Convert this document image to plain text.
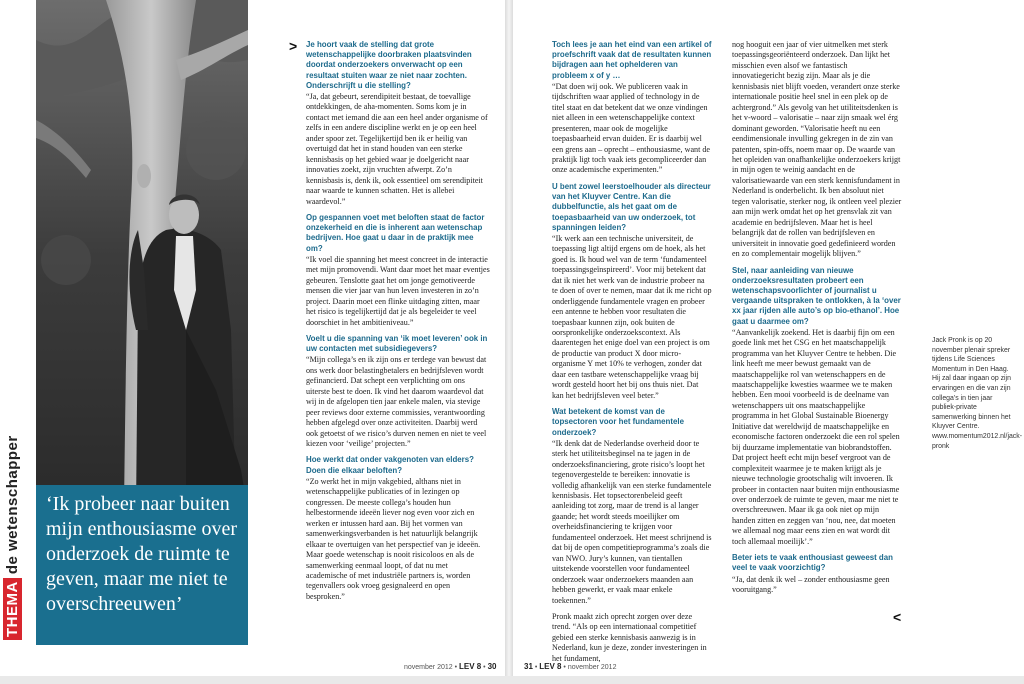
THEMAde wetenschapper ‘Ik probeer naar buiten mijn enthousiasme over onderzoek de ruimte te geven, maar me niet te overschreeuwen’
>
<
Je hoort vaak de stelling dat grote wetenschappelijke doorbraken plaatsvinden doordat onderzoekers onverwacht op een resultaat stuiten waar ze niet naar zochten. Onderschrijft u die stelling?

“Ja, dat gebeurt, serendipiteit bestaat, de toevallige ontdekkingen, de aha-momenten. Soms kom je in contact met iemand die aan een heel ander organisme of zelfs in een andere discipline werkt en je op een heel ander spoor zet. Tegelijkertijd ben ik er heilig van overtuigd dat het in stand houden van een sterke kennisbasis op het gebied waar je doelgericht naar innovaties zoekt, zijn vruchten afwerpt. Zo’n kennisbasis is, denk ik, ook essentieel om serendipiteit naar waarde te kunnen schatten. Het is allebei waardevol.”

Op gespannen voet met beloften staat de factor onzekerheid en die is inherent aan wetenschap bedrijven. Hoe gaat u daar in de praktijk mee om?

“Ik voel die spanning het meest concreet in de interactie met mijn promovendi. Want daar moet het maar eventjes gebeuren. Tenslotte gaat het om jonge gemotiveerde mensen die vier jaar van hun leven investeren in zo’n project. Daarin moet een flinke uitdaging zitten, maar het risico is tegelijkertijd dat je als begeleider te veel doorschiet in het ambitieniveau.”

Voelt u die spanning van ‘ik moet leveren’ ook in uw contacten met subsidiegevers?

“Mijn collega’s en ik zijn ons er terdege van bewust dat ons werk door belastingbetalers en bedrijfsleven wordt gefinancierd. Dat schept een verplichting om ons uiterste best te doen. Ik vind het daarom waardevol dat wij in de afgelopen tien jaar enkele malen, via stevige peer reviews door externe commissies, verantwoording hebben afgelegd over onze activiteiten. Daarbij werd ook getoetst of we risico’s durven nemen en niet te veel kiezen voor ‘veilige’ projecten.”

Hoe werkt dat onder vakgenoten van elders? Doen die elkaar beloften?

“Zo werkt het in mijn vakgebied, althans niet in wetenschappelijke publicaties of in lezingen op congressen. De meeste collega’s houden hun helbestormende ideeën liever nog even voor zich en werken er intussen hard aan. Bij het vormen van samenwerkingsverbanden is het natuurlijk belangrijk elkaar te overtuigen van het perspectief van je ideeën. Maar goede wetenschap is nooit risicoloos en als de samenwerking eenmaal loopt, of dat nu met academische of met industriële partners is, worden tegenvallers ook vroeg gesignaleerd en open besproken.”

Toch lees je aan het eind van een artikel of proefschrift vaak dat de resultaten kunnen bijdragen aan het ophelderen van probleem x of y …

“Dat doen wij ook. We publiceren vaak in tijdschriften waar applied of technology in de titel staat en dat betekent dat we onze vindingen niet alleen in een wetenschappelijke context presenteren, maar ook de mogelijke toepasbaarheid ervan duiden. Er is daarbij wel een grens aan – oprecht – enthousiasme, want de praktijk ligt toch vaak iets gecompliceerder dan onze academische experimenten.”

U bent zowel leerstoelhouder als directeur van het Kluyver Centre. Kan die dubbelfunctie, als het gaat om de toepasbaarheid van uw onderzoek, tot spanningen leiden?

“Ik werk aan een technische universiteit, de toepassing ligt altijd ergens om de hoek, als het goed is. Ik houd wel van de term ‘fundamenteel toepassingsgeïnspireerd’. Voor mij betekent dat dat ik niet het werk van de industrie probeer na te doen of over te nemen, maar dat ik me richt op onderliggende fundamentele vragen en probeer een antenne te hebben voor resultaten die toepasbaar kunnen zijn, ook buiten de oorspronkelijke onderzoekscontext. Als daarentegen het enige doel van een project is om de productie van product X door micro-organisme Y met 10% te verhogen, zonder dat daar een tastbare wetenschappelijke vraag bij wordt gesteld hoort het bij ons thuis niet. Dat kan het bedrijfsleven veel beter.”

Wat betekent de komst van de topsectoren voor het fundamentele onderzoek?

“Ik denk dat de Nederlandse overheid door te sterk het utiliteitsbeginsel na te jagen in de onderzoeksfinanciering, grote risico’s loopt het tegenovergestelde te bereiken: innovatie is volledig afhankelijk van een sterke fundamentele kennisbasis. Het topsectorenbeleid geeft aanleiding tot zorg, maar de trend is al langer gaande; het wordt steeds moeilijker om overheidsfinanciering te krijgen voor fundamenteel onderzoek. Het meest schrijnend is dat bij de open competitieprogramma’s zoals die van NWO. Jury’s kunnen, van tientallen uitstekende voorstellen voor fundamenteel onderzoek waar onderzoekers maanden aan hebben gewerkt, er vaak maar enkele toekennen.”

Pronk maakt zich oprecht zorgen over deze trend. “Als op een internationaal competitief gebied een sterke kennisbasis aanwezig is in Nederland, kun je deze, zonder investeringen in het fundament,

nog hooguit een jaar of vier uitmelken met sterk toepassingsgeoriënteerd onderzoek. Dan lijkt het misschien even alsof we fantastisch innovatiegericht bezig zijn. Maar als je die kennisbasis niet blijft voeden, verandert onze sterke internationale positie heel snel in een plek op de achtergrond.” Als gevolg van het utiliteitsdenken is het v-woord – valorisatie – naar zijn smaak wel érg dominant geworden. “Valorisatie heeft nu een eendimensionale invulling gekregen in de zin van patenten, spin-offs, noem maar op. De waarde van het opleiden van onafhankelijke onderzoekers krijgt in mijn ogen te weinig aandacht en de valorisatiewaarde van een sterk kennisfundament in Nederland is onderbelicht. Ik ben absoluut niet tegen valorisatie, sterker nog, ik ontleen veel plezier aan mijn werk omdat het op het grensvlak zit van academie en bedrijfsleven. Maar het is heel belangrijk dat de rollen van bedrijfsleven en universiteit in innovatie goed gedefinieerd worden en zo complementair mogelijk blijven.”

Stel, naar aanleiding van nieuwe onderzoeksresultaten probeert een wetenschapsvoorlichter of journalist u vergaande uitspraken te ontlokken, à la ‘over xx jaar rijden alle auto’s op bio-ethanol’. Hoe gaat u daarmee om?

“Aanvankelijk zoekend. Het is daarbij fijn om een goede link met het CSG en het maatschappelijk programma van het Kluyver Centre te hebben. Die link heeft me meer bewust gemaakt van de maatschappelijke rol van wetenschappers en de maatschappelijke kwesties waarmee we te maken hebben. Een mooi voorbeeld is de deelname van wetenschappers uit ons maatschappelijke programma in het Global Sustainable Bioenergy Initiative dat wereldwijd de maatschappelijke en economische factoren onderzoekt die een rol spelen bij duurzame implementatie van biobrandstoffen. Dat project heeft echt mijn besef vergroot van de complexiteit waarmee je te maken krijgt als je nieuwe technologie grootschalig wilt invoeren. Ik probeer in contacten naar buiten mijn enthousiasme over onderzoek de ruimte te geven, maar me niet te overschreeuwen. Maar ik ga ook niet op mijn handen zitten en zeggen van ‘nou, nee, dat moeten we allemaal nog maar eens zien en wat wordt dit toch allemaal moeilijk’.”

Beter iets te vaak enthousiast geweest dan veel te vaak voorzichtig?

“Ja, dat denk ik wel – zonder enthousiasme geen vooruitgang.”

Jack Pronk is op 20 november plenair spreker tijdens Life Sciences Momentum in Den Haag. Hij zal daar ingaan op zijn ervaringen en die van zijn collega’s in tien jaar publiek-private samenwerking binnen het Kluyver Centre. www.momentum2012.nl/jack-pronk
november 2012 • LEV 8 • 30	31 • LEV 8 • november 2012
